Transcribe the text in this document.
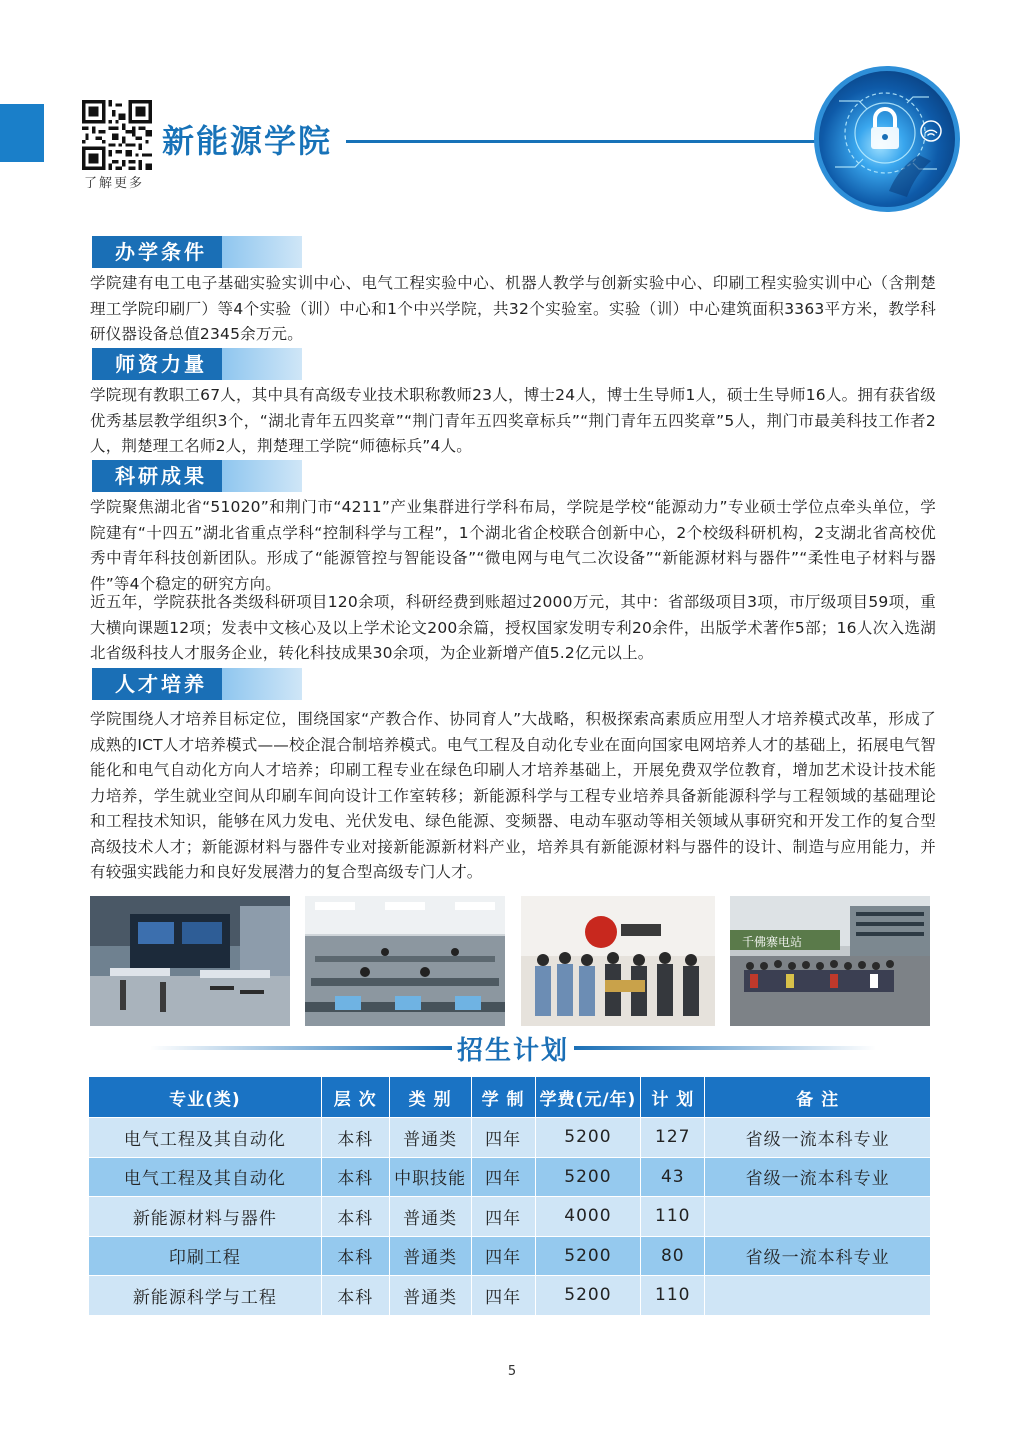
了解更多
新能源学院
办学条件
学院建有电工电子基础实验实训中心、电气工程实验中心、机器人教学与创新实验中心、印刷工程实验实训中心（含荆楚理工学院印刷厂）等4个实验（训）中心和1个中兴学院，共32个实验室。实验（训）中心建筑面积3363平方米，教学科研仪器设备总值2345余万元。
师资力量
学院现有教职工67人，其中具有高级专业技术职称教师23人，博士24人，博士生导师1人，硕士生导师16人。拥有获省级优秀基层教学组织3个，“湖北青年五四奖章”“荆门青年五四奖章标兵”“荆门青年五四奖章”5人，荆门市最美科技工作者2人，荆楚理工名师2人，荆楚理工学院“师德标兵”4人。
科研成果
学院聚焦湖北省“51020”和荆门市“4211”产业集群进行学科布局，学院是学校“能源动力”专业硕士学位点牵头单位，学院建有“十四五”湖北省重点学科“控制科学与工程”，1个湖北省企校联合创新中心，2个校级科研机构，2支湖北省高校优秀中青年科技创新团队。形成了“能源管控与智能设备”“微电网与电气二次设备”“新能源材料与器件”“柔性电子材料与器件”等4个稳定的研究方向。
近五年，学院获批各类级科研项目120余项，科研经费到账超过2000万元，其中：省部级项目3项，市厅级项目59项，重大横向课题12项；发表中文核心及以上学术论文200余篇，授权国家发明专利20余件，出版学术著作5部；16人次入选湖北省级科技人才服务企业，转化科技成果30余项，为企业新增产值5.2亿元以上。
人才培养
学院围绕人才培养目标定位，围绕国家“产教合作、协同育人”大战略，积极探索高素质应用型人才培养模式改革，形成了成熟的ICT人才培养模式——校企混合制培养模式。电气工程及自动化专业在面向国家电网培养人才的基础上，拓展电气智能化和电气自动化方向人才培养；印刷工程专业在绿色印刷人才培养基础上，开展免费双学位教育，增加艺术设计技术能力培养，学生就业空间从印刷车间向设计工作室转移；新能源科学与工程专业培养具备新能源科学与工程领域的基础理论和工程技术知识，能够在风力发电、光伏发电、绿色能源、变频器、电动车驱动等相关领域从事研究和开发工作的复合型高级技术人才；新能源材料与器件专业对接新能源新材料产业，培养具有新能源材料与器件的设计、制造与应用能力，并有较强实践能力和良好发展潜力的复合型高级专门人才。
千佛寨电站
招生计划
专业(类)	层 次	类 别	学 制	学费(元/年)	计 划	备 注
电气工程及其自动化	本科	普通类	四年	5200	127	省级一流本科专业
电气工程及其自动化	本科	中职技能	四年	5200	43	省级一流本科专业
新能源材料与器件	本科	普通类	四年	4000	110	
印刷工程	本科	普通类	四年	5200	80	省级一流本科专业
新能源科学与工程	本科	普通类	四年	5200	110	
5
